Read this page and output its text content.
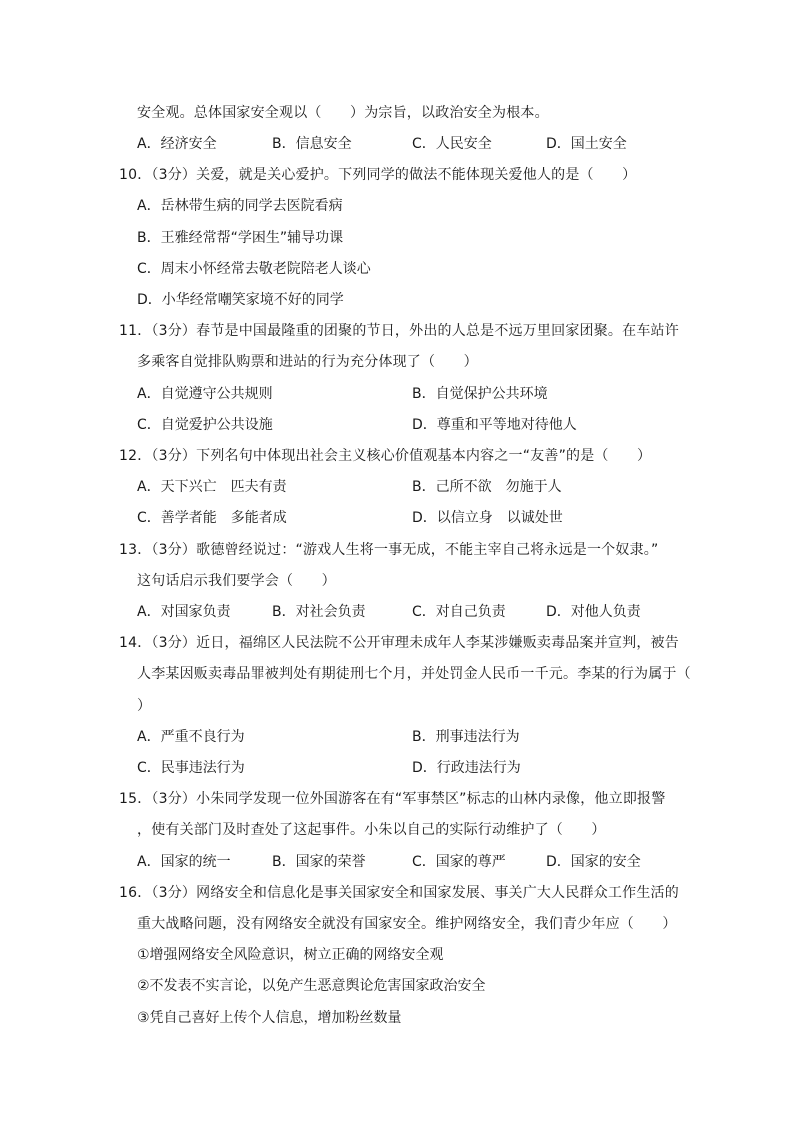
安全观。总体国家安全观以（　　）为宗旨，以政治安全为根本。
A．经济安全	B．信息安全	C．人民安全	D．国土安全
10．（3分）关爱，就是关心爱护。下列同学的做法不能体现关爱他人的是（　　）
A．岳林带生病的同学去医院看病
B．王雅经常帮“学困生”辅导功课
C．周末小怀经常去敬老院陪老人谈心
D．小华经常嘲笑家境不好的同学
11．（3分）春节是中国最隆重的团聚的节日，外出的人总是不远万里回家团聚。在车站许
多乘客自觉排队购票和进站的行为充分体现了（　　）
A．自觉遵守公共规则	B．自觉保护公共环境
C．自觉爱护公共设施	D．尊重和平等地对待他人
12．（3分）下列名句中体现出社会主义核心价值观基本内容之一“友善”的是（　　）
A．天下兴亡　匹夫有责	B．己所不欲　勿施于人
C．善学者能　多能者成	D．以信立身　以诚处世
13．（3分）歌德曾经说过：“游戏人生将一事无成，不能主宰自己将永远是一个奴隶。”
这句话启示我们要学会（　　）
A．对国家负责	B．对社会负责	C．对自己负责	D．对他人负责
14．（3分）近日，福绵区人民法院不公开审理未成年人李某涉嫌贩卖毒品案并宣判，被告
人李某因贩卖毒品罪被判处有期徒刑七个月，并处罚金人民币一千元。李某的行为属于（
）
A．严重不良行为	B．刑事违法行为
C．民事违法行为	D．行政违法行为
15．（3分）小朱同学发现一位外国游客在有“军事禁区”标志的山林内录像，他立即报警
，使有关部门及时查处了这起事件。小朱以自己的实际行动维护了（　　）
A．国家的统一	B．国家的荣誉	C．国家的尊严	D．国家的安全
16．（3分）网络安全和信息化是事关国家安全和国家发展、事关广大人民群众工作生活的
重大战略问题，没有网络安全就没有国家安全。维护网络安全，我们青少年应（　　）
①增强网络安全风险意识，树立正确的网络安全观
②不发表不实言论，以免产生恶意舆论危害国家政治安全
③凭自己喜好上传个人信息，增加粉丝数量
